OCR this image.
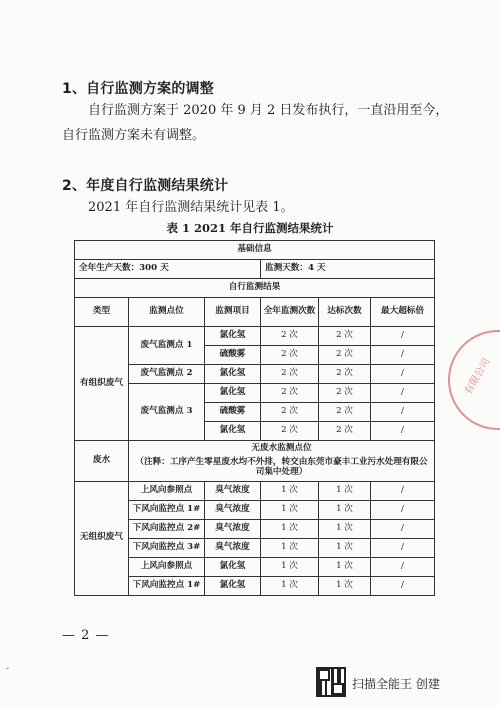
1、自行监测方案的调整
自行监测方案于 2020 年 9 月 2 日发布执行，一直沿用至今，
自行监测方案未有调整。
2、年度自行监测结果统计
2021 年自行监测结果统计见表 1。
表 1 2021 年自行监测结果统计
基础信息					
全年生产天数：300 天			监测天数：4 天		
自行监测结果					
类型	监测点位	监测项目	全年监测次数	达标次数	最大超标倍
有组织废气	废气监测点 1	氯化氢	2 次	2 次	/
		硫酸雾	2 次	2 次	/
	废气监测点 2	氯化氢	2 次	2 次	/
	废气监测点 3	氯化氢	2 次	2 次	/
		硫酸雾	2 次	2 次	/
		氯化氢	2 次	2 次	/
废水	无废水监测点位
（注释：工序产生零星废水均不外排，转交由东莞市豪丰工业污水处理有限公司集中处理）				

无组织废气	上风向参照点	臭气浓度	1 次	1 次	/
	下风向监控点 1#	臭气浓度	1 次	1 次	/
	下风向监控点 2#	臭气浓度	1 次	1 次	/
	下风向监控点 3#	臭气浓度	1 次	1 次	/
	上风向参照点	氯化氢	1 次	1 次	/
	下风向监控点 1#	氯化氢	1 次	1 次	/
有限公司
— 2 —
-
扫描全能王 创建
